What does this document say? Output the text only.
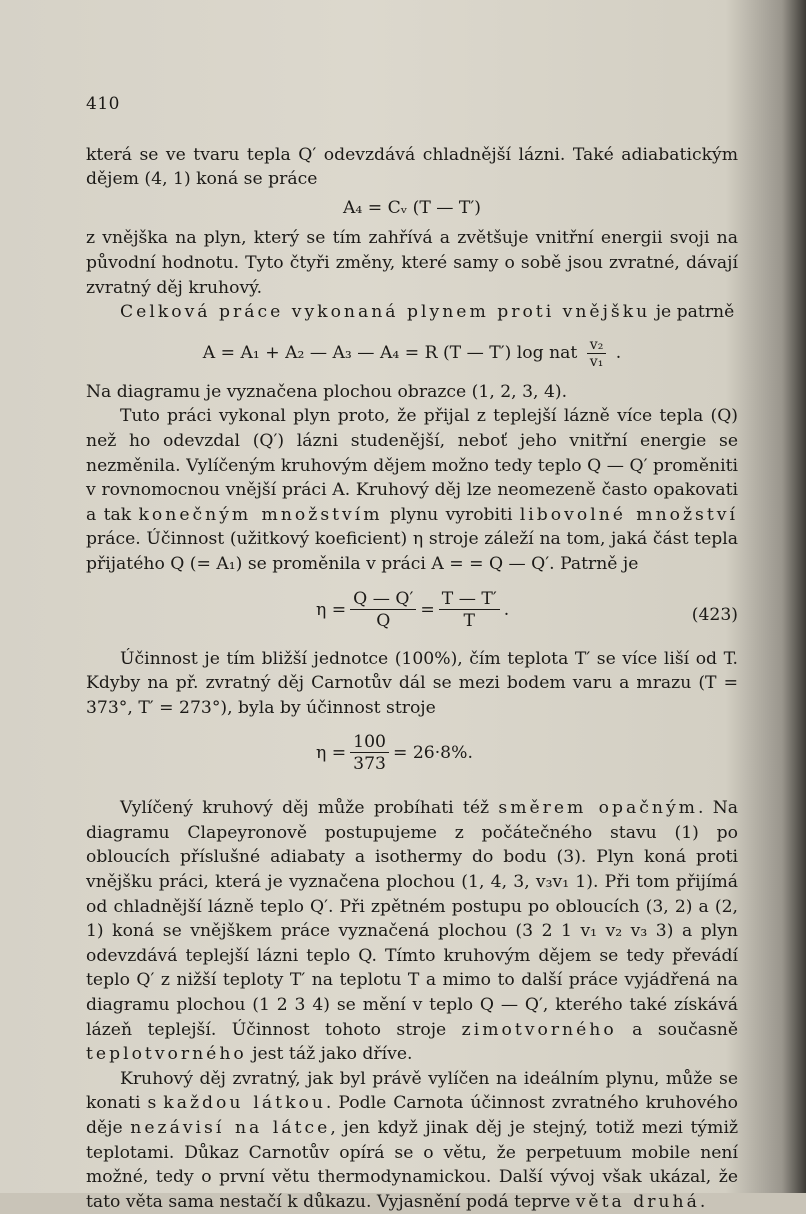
410

která se ve tvaru tepla Q′ odevzdává chladnější lázni. Také adiabatickým dějem (4, 1) koná se práce

A₄ = Cᵥ (T — T′)

z vnějška na plyn, který se tím zahřívá a zvětšuje vnitřní energii svoji na původní hodnotu. Tyto čtyři změny, které samy o sobě jsou zvratné, dávají zvratný děj kruhový.

Celková práce vykonaná plynem proti vnějšku je patrně

A = A₁ + A₂ — A₃ — A₄ = R (T — T′) log nat $\frac{\text{v₂}}{\text{v₁}}$ .

Na diagramu je vyznačena plochou obrazce (1, 2, 3, 4).

Tuto práci vykonal plyn proto, že přijal z teplejší lázně více tepla (Q) než ho odevzdal (Q′) lázni studenější, neboť jeho vnitřní energie se nezměnila. Vylíčeným kruhovým dějem možno tedy teplo Q — Q′ proměniti v rovnomocnou vnější práci A. Kruhový děj lze neomezeně často opakovati a tak konečným množstvím plynu vyrobiti libovolné množství práce. Účinnost (užitkový koeficient) η stroje záleží na tom, jaká část tepla přijatého Q (= A₁) se proměnila v práci A = = Q — Q′. Patrně je

$\eta = \frac{Q — Q'}{Q} = \frac{T — T'}{T}$ .	(423)

Účinnost je tím bližší jednotce (100%), čím teplota T′ se více liší od T. Kdyby na př. zvratný děj Carnotův dál se mezi bodem varu a mrazu (T = 373°, T′ = 273°), byla by účinnost stroje

$\eta = \frac{100}{373} = 26\cdot 8\%$.

Vylíčený kruhový děj může probíhati též směrem opačným. Na diagramu Clapeyronově postupujeme z počátečného stavu (1) po obloucích příslušné adiabaty a isothermy do bodu (3). Plyn koná proti vnějšku práci, která je vyznačena plochou (1, 4, 3, v₃v₁ 1). Při tom přijímá od chladnější lázně teplo Q′. Při zpětném postupu po obloucích (3, 2) a (2, 1) koná se vnějškem práce vyznačená plochou (3 2 1 v₁ v₂ v₃ 3) a plyn odevzdává teplejší lázni teplo Q. Tímto kruhovým dějem se tedy převádí teplo Q′ z nižší teploty T′ na teplotu T a mimo to další práce vyjádřená na diagramu plochou (1 2 3 4) se mění v teplo Q — Q′, kterého také získává lázeň teplejší. Účinnost tohoto stroje zimotvorného a současně teplotvorného jest táž jako dříve.

Kruhový děj zvratný, jak byl právě vylíčen na ideálním plynu, může se konati s každou látkou. Podle Carnota účinnost zvratného kruhového děje nezávisí na látce, jen když jinak děj je stejný, totiž mezi týmiž teplotami. Důkaz Carnotův opírá se o větu, že perpetuum mobile není možné, tedy o první větu thermodynamickou. Další vývoj však ukázal, že tato věta sama nestačí k důkazu. Vyjasnění podá teprve věta druhá.
